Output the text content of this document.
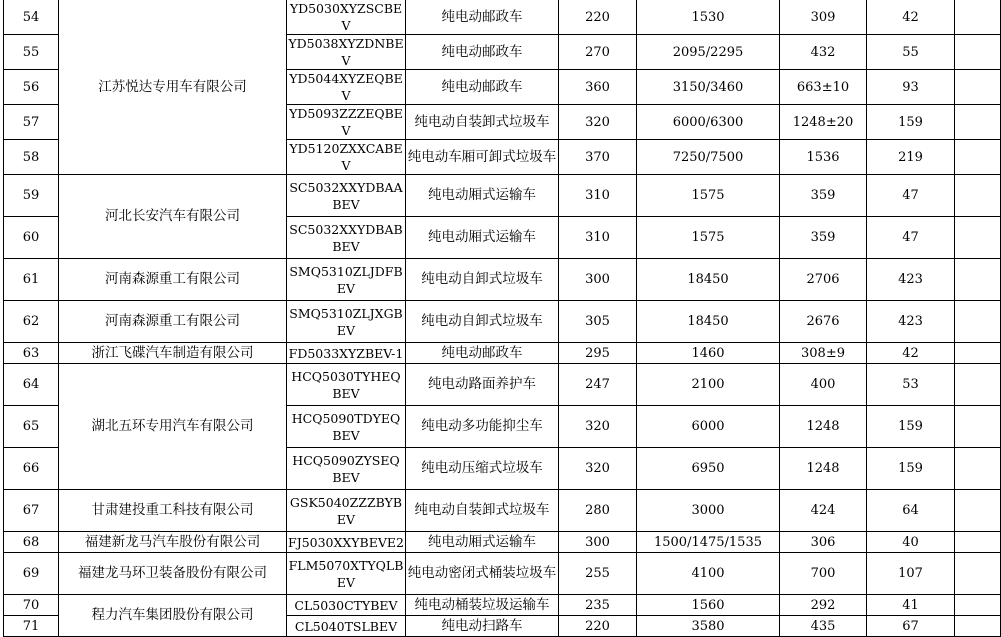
54	江苏悦达专用车有限公司	YD5030XYZSCBEV	纯电动邮政车	220	1530	309	42	
55		YD5038XYZDNBEV	纯电动邮政车	270	2095/2295	432	55	
56		YD5044XYZEQBEV	纯电动邮政车	360	3150/3460	663±10	93	
57		YD5093ZZZEQBEV	纯电动自装卸式垃圾车	320	6000/6300	1248±20	159	
58		YD5120ZXXCABEV	纯电动车厢可卸式垃圾车	370	7250/7500	1536	219	
59	河北长安汽车有限公司	SC5032XXYDBAABEV	纯电动厢式运输车	310	1575	359	47	
60		SC5032XXYDBABBEV	纯电动厢式运输车	310	1575	359	47	
61	河南森源重工有限公司	SMQ5310ZLJDFBEV	纯电动自卸式垃圾车	300	18450	2706	423	
62	河南森源重工有限公司	SMQ5310ZLJXGBEV	纯电动自卸式垃圾车	305	18450	2676	423	
63	浙江飞碟汽车制造有限公司	FD5033XYZBEV-1	纯电动邮政车	295	1460	308±9	42	
64	湖北五环专用汽车有限公司	HCQ5030TYHEQBEV	纯电动路面养护车	247	2100	400	53	
65		HCQ5090TDYEQBEV	纯电动多功能抑尘车	320	6000	1248	159	
66		HCQ5090ZYSEQBEV	纯电动压缩式垃圾车	320	6950	1248	159	
67	甘肃建投重工科技有限公司	GSK5040ZZZBYBEV	纯电动自装卸式垃圾车	280	3000	424	64	
68	福建新龙马汽车股份有限公司	FJ5030XXYBEVE2	纯电动厢式运输车	300	1500/1475/1535	306	40	
69	福建龙马环卫装备股份有限公司	FLM5070XTYQLBEV	纯电动密闭式桶装垃圾车	255	4100	700	107	
70	程力汽车集团股份有限公司	CL5030CTYBEV	纯电动桶装垃圾运输车	235	1560	292	41	
71		CL5040TSLBEV	纯电动扫路车	220	3580	435	67	
